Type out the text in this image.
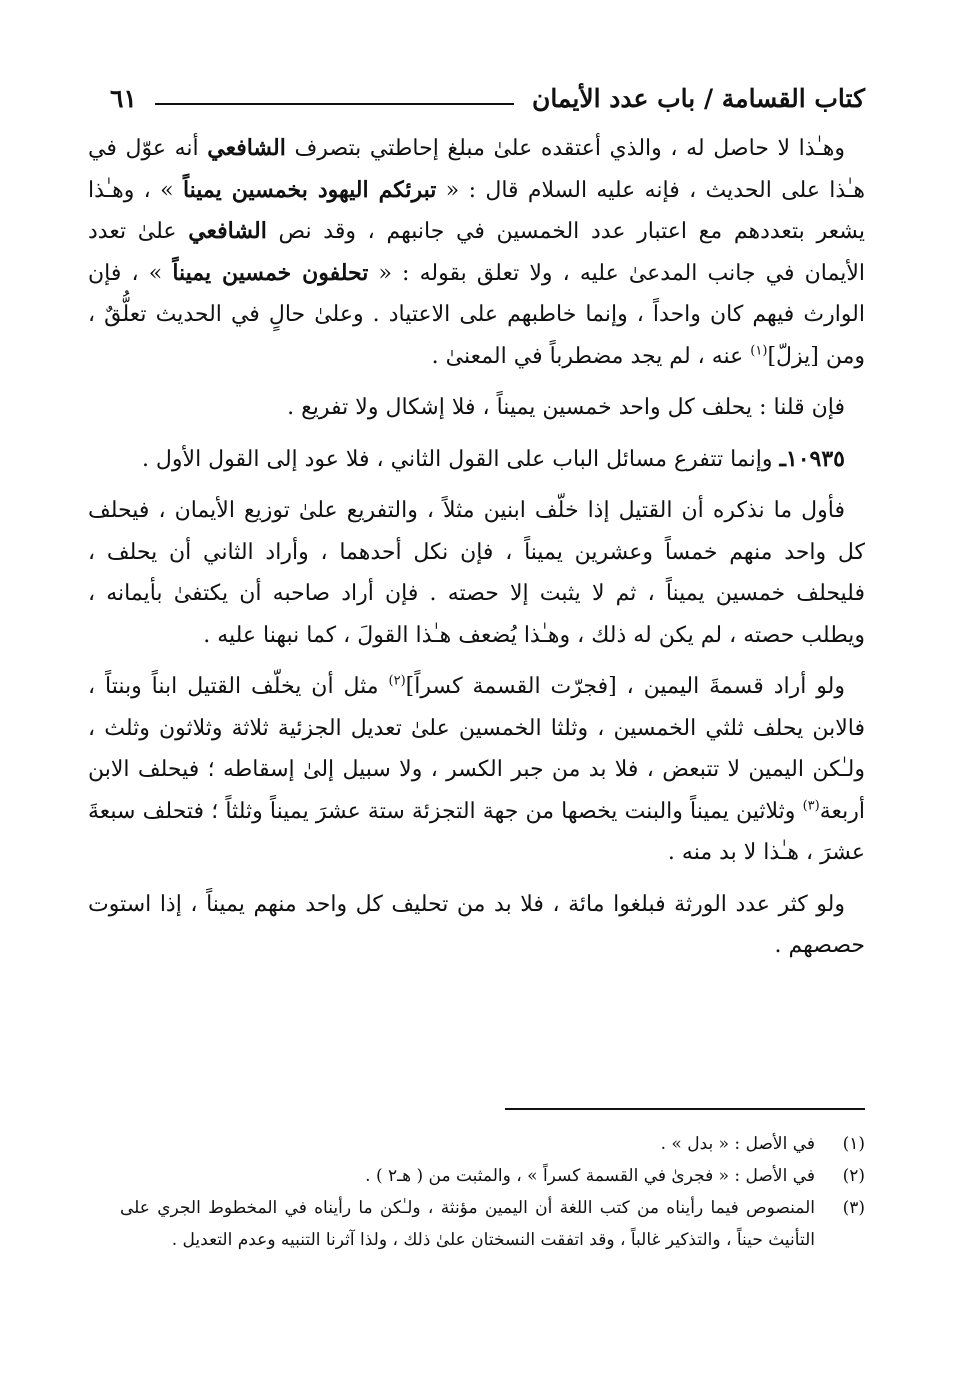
كتاب القسامة / باب عدد الأيمان
٦١

وهـٰذا لا حاصل له ، والذي أعتقده علىٰ مبلغ إحاطتي بتصرف الشافعي أنه عوّل في هـٰذا على الحديث ، فإنه عليه السلام قال : « تبرئكم اليهود بخمسين يميناً » ، وهـٰذا يشعر بتعددهم مع اعتبار عدد الخمسين في جانبهم ، وقد نص الشافعي علىٰ تعدد الأيمان في جانب المدعىٰ عليه ، ولا تعلق بقوله : « تحلفون خمسين يميناً » ، فإن الوارث فيهم كان واحداً ، وإنما خاطبهم على الاعتياد . وعلىٰ حالٍ في الحديث تعلُّقٌ ، ومن [يزلّ]$^{(١)}$ عنه ، لم يجد مضطرباً في المعنىٰ .

فإن قلنا : يحلف كل واحد خمسين يميناً ، فلا إشكال ولا تفريع .

١٠٩٣٥ـ وإنما تتفرع مسائل الباب على القول الثاني ، فلا عود إلى القول الأول .

فأول ما نذكره أن القتيل إذا خلّف ابنين مثلاً ، والتفريع علىٰ توزيع الأيمان ، فيحلف كل واحد منهم خمساً وعشرين يميناً ، فإن نكل أحدهما ، وأراد الثاني أن يحلف ، فليحلف خمسين يميناً ، ثم لا يثبت إلا حصته . فإن أراد صاحبه أن يكتفىٰ بأيمانه ، ويطلب حصته ، لم يكن له ذلك ، وهـٰذا يُضعف هـٰذا القولَ ، كما نبهنا عليه .

ولو أراد قسمةَ اليمين ، [فجرّت القسمة كسراً]$^{(٢)}$ مثل أن يخلّف القتيل ابناً وبنتاً ، فالابن يحلف ثلثي الخمسين ، وثلثا الخمسين علىٰ تعديل الجزئية ثلاثة وثلاثون وثلث ، ولـٰكن اليمين لا تتبعض ، فلا بد من جبر الكسر ، ولا سبيل إلىٰ إسقاطه ؛ فيحلف الابن أربعة$^{(٣)}$ وثلاثين يميناً والبنت يخصها من جهة التجزئة ستة عشرَ يميناً وثلثاً ؛ فتحلف سبعةَ عشرَ ، هـٰذا لا بد منه .

ولو كثر عدد الورثة فبلغوا مائة ، فلا بد من تحليف كل واحد منهم يميناً ، إذا استوت حصصهم .

(١)
في الأصل : « بدل » .
(٢)
في الأصل : « فجرىٰ في القسمة كسراً » ، والمثبت من ( هـ٢ ) .
(٣)
المنصوص فيما رأيناه من كتب اللغة أن اليمين مؤنثة ، ولـٰكن ما رأيناه في المخطوط الجري على التأنيث حيناً ، والتذكير غالباً ، وقد اتفقت النسختان علىٰ ذلك ، ولذا آثرنا التنبيه وعدم التعديل .
